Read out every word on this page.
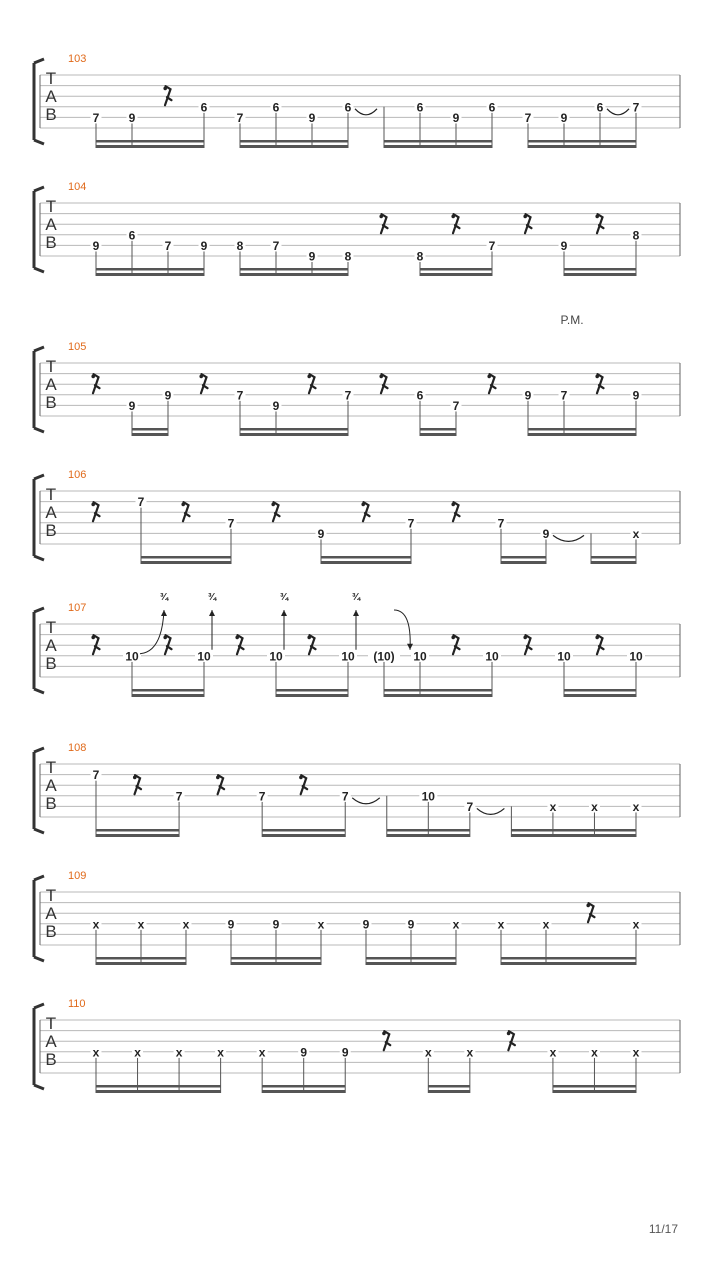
T
A
B
103
7 9
6
7
6
9
6	6
9
6
7 9
6 7
T
A
B
104
9
6
7 9 8 7
9 8	8
7	9
8
T
A
B
105
P.M.
9
9	7
9
7	6
7
9 7	9
T
A
B
106
7
7
9
7	7
9	x
T
A
B
107
10	10	10	10 (10) 10	10	10	10
¾	¾	¾	¾
T
A
B
108
7
7	7	7	10
7	x	x	x
T
A
B
109
x	x	x	9	9	x	9	9	x	x	x	x
T
A
B
110
x	x	x	x	x	9	9	x	x	x	x	x
11/17
